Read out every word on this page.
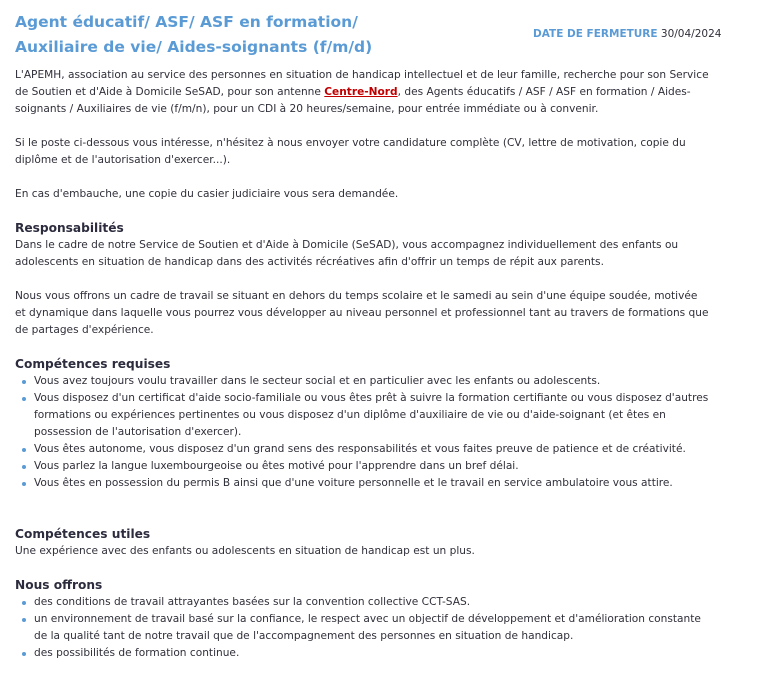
Agent éducatif/ ASF/ ASF en formation/
Auxiliaire de vie/ Aides-soignants (f/m/d)
DATE DE FERMETURE 30/04/2024

L'APEMH, association au service des personnes en situation de handicap intellectuel et de leur famille, recherche pour son Service de Soutien et d'Aide à Domicile SeSAD, pour son antenne Centre-Nord, des Agents éducatifs / ASF / ASF en formation / Aides-soignants / Auxiliaires de vie (f/m/n), pour un CDI à 20 heures/semaine, pour entrée immédiate ou à convenir.

Si le poste ci-dessous vous intéresse, n'hésitez à nous envoyer votre candidature complète (CV, lettre de motivation, copie du diplôme et de l'autorisation d'exercer...).

En cas d'embauche, une copie du casier judiciaire vous sera demandée.

Responsabilités

Dans le cadre de notre Service de Soutien et d'Aide à Domicile (SeSAD), vous accompagnez individuellement des enfants ou adolescents en situation de handicap dans des activités récréatives afin d'offrir un temps de répit aux parents.

Nous vous offrons un cadre de travail se situant en dehors du temps scolaire et le samedi au sein d'une équipe soudée, motivée et dynamique dans laquelle vous pourrez vous développer au niveau personnel et professionnel tant au travers de formations que de partages d'expérience.

Compétences requises
Vous avez toujours voulu travailler dans le secteur social et en particulier avec les enfants ou adolescents.
Vous disposez d'un certificat d'aide socio-familiale ou vous êtes prêt à suivre la formation certifiante ou vous disposez d'autres formations ou expériences pertinentes ou vous disposez d'un diplôme d'auxiliaire de vie ou d'aide-soignant (et êtes en possession de l'autorisation d'exercer).
Vous êtes autonome, vous disposez d'un grand sens des responsabilités et vous faites preuve de patience et de créativité.
Vous parlez la langue luxembourgeoise ou êtes motivé pour l'apprendre dans un bref délai.
Vous êtes en possession du permis B ainsi que d'une voiture personnelle et le travail en service ambulatoire vous attire.
Compétences utiles

Une expérience avec des enfants ou adolescents en situation de handicap est un plus.

Nous offrons
des conditions de travail attrayantes basées sur la convention collective CCT-SAS.
un environnement de travail basé sur la confiance, le respect avec un objectif de développement et d'amélioration constante de la qualité tant de notre travail que de l'accompagnement des personnes en situation de handicap.
des possibilités de formation continue.
